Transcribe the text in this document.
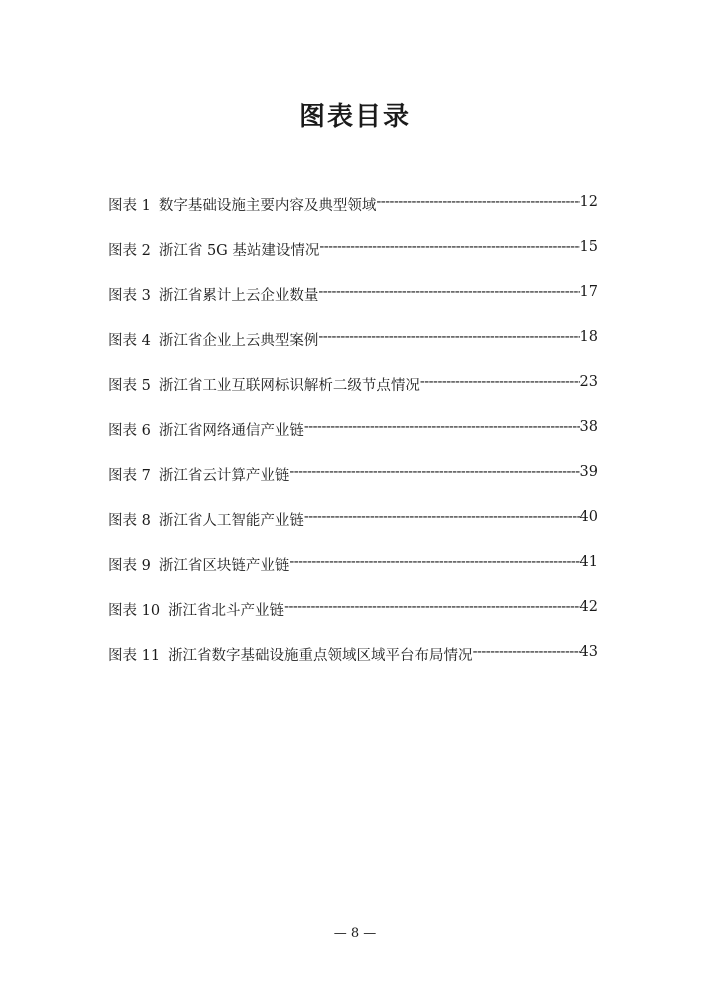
图表目录
图表 1 数字基础设施主要内容及典型领域 -----	12
图表 2 浙江省 5G 基站建设情况 -----	15
图表 3 浙江省累计上云企业数量 -----	17
图表 4 浙江省企业上云典型案例 -----	18
图表 5 浙江省工业互联网标识解析二级节点情况 -----	23
图表 6 浙江省网络通信产业链 -----	38
图表 7 浙江省云计算产业链 -----	39
图表 8 浙江省人工智能产业链 -----	40
图表 9 浙江省区块链产业链 -----	41
图表 10 浙江省北斗产业链 -----	42
图表 11 浙江省数字基础设施重点领域区域平台布局情况 -----	43
— 8 —
